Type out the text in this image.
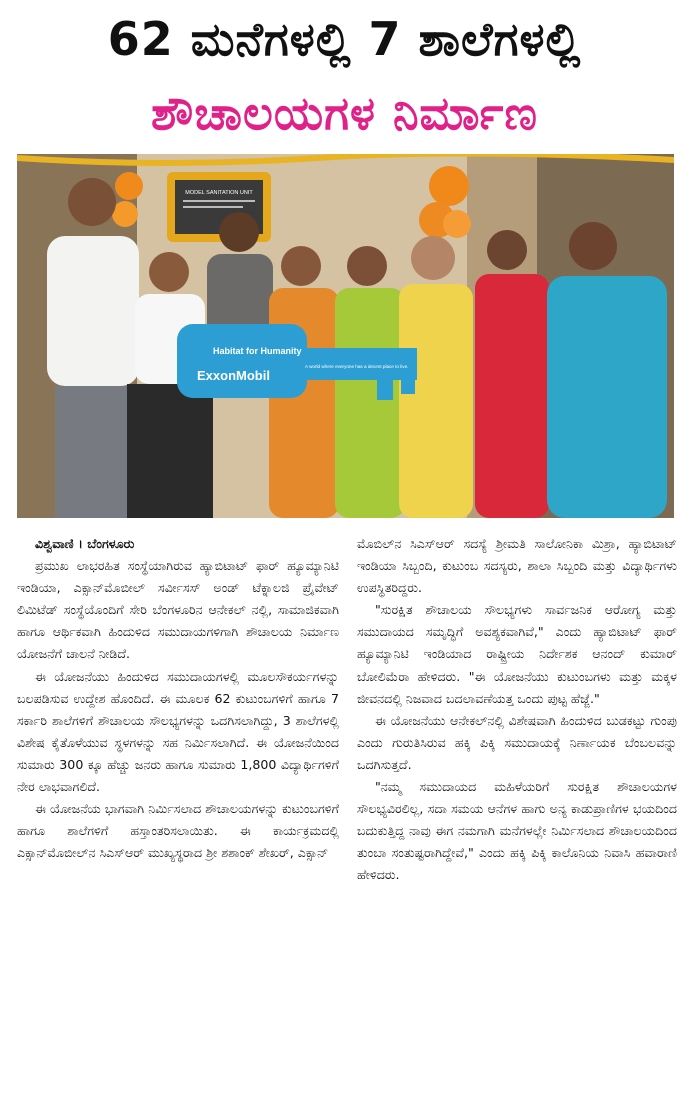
62 ಮನೆಗಳಲ್ಲಿ 7 ಶಾಲೆಗಳಲ್ಲಿ
ಶೌಚಾಲಯಗಳ ನಿರ್ಮಾಣ
MODEL SANITATION UNIT
Habitat for Humanity
ExxonMobil
A world where everyone has a decent place to live.

ವಿಶ್ವವಾಣಿ । ಬೆಂಗಳೂರು

ಪ್ರಮುಖ ಲಾಭರಹಿತ ಸಂಸ್ಥೆಯಾಗಿರುವ ಹ್ಯಾಬಿಟಾಟ್ ಫಾರ್ ಹ್ಯೂಮ್ಯಾನಿಟಿ ಇಂಡಿಯಾ, ಎಕ್ಸಾನ್‌ಮೊಬೀಲ್ ಸರ್ವೀಸಸ್ ಅಂಡ್ ಟೆಕ್ನಾಲಜಿ ಪ್ರೈವೇಟ್ ಲಿಮಿಟೆಡ್ ಸಂಸ್ಥೆಯೊಂದಿಗೆ ಸೇರಿ ಬೆಂಗಳೂರಿನ ಆನೇಕಲ್ ನಲ್ಲಿ, ಸಾಮಾಜಿಕವಾಗಿ ಹಾಗೂ ಆರ್ಥಿಕವಾಗಿ ಹಿಂದುಳಿದ ಸಮುದಾಯಗಳಿಗಾಗಿ ಶೌಚಾಲಯ ನಿರ್ಮಾಣ ಯೋಜನೆಗೆ ಚಾಲನೆ ನೀಡಿದೆ.

ಈ ಯೋಜನೆಯು ಹಿಂದುಳಿದ ಸಮುದಾಯಗಳಲ್ಲಿ ಮೂಲಸೌಕರ್ಯಗಳನ್ನು ಬಲಪಡಿಸುವ ಉದ್ದೇಶ ಹೊಂದಿದೆ. ಈ ಮೂಲಕ 62 ಕುಟುಂಬಗಳಿಗೆ ಹಾಗೂ 7 ಸರ್ಕಾರಿ ಶಾಲೆಗಳಿಗೆ ಶೌಚಾಲಯ ಸೌಲಭ್ಯಗಳನ್ನು ಒದಗಿಸಲಾಗಿದ್ದು, 3 ಶಾಲೆಗಳಲ್ಲಿ ವಿಶೇಷ ಕೈತೊಳೆಯುವ ಸ್ಥಳಗಳನ್ನು ಸಹ ನಿರ್ಮಿಸಲಾಗಿದೆ. ಈ ಯೋಜನೆಯಿಂದ ಸುಮಾರು 300 ಕ್ಕೂ ಹೆಚ್ಚು ಜನರು ಹಾಗೂ ಸುಮಾರು 1,800 ವಿದ್ಯಾರ್ಥಿಗಳಿಗೆ ನೇರ ಲಾಭವಾಗಲಿದೆ.

ಈ ಯೋಜನೆಯ ಭಾಗವಾಗಿ ನಿರ್ಮಿಸಲಾದ ಶೌಚಾಲಯಗಳನ್ನು ಕುಟುಂಬಗಳಿಗೆ ಹಾಗೂ ಶಾಲೆಗಳಿಗೆ ಹಸ್ತಾಂತರಿಸಲಾಯಿತು. ಈ ಕಾರ್ಯಕ್ರಮದಲ್ಲಿ ಎಕ್ಸಾನ್‌ಮೊಬೀಲ್‌ನ ಸಿಎಸ್‌ಆರ್ ಮುಖ್ಯಸ್ಥರಾದ ಶ್ರೀ ಶಶಾಂಕ್ ಶೇಖರ್, ಎಕ್ಸಾನ್

ಮೊಬಿಲ್‌ನ ಸಿಎಸ್‌ಆರ್ ಸದಸ್ಯೆ ಶ್ರೀಮತಿ ಸಾಲೋನಿಕಾ ಮಿಶ್ರಾ, ಹ್ಯಾಬಿಟಾಟ್ ಇಂಡಿಯಾ ಸಿಬ್ಬಂದಿ, ಕುಟುಂಬ ಸದಸ್ಯರು, ಶಾಲಾ ಸಿಬ್ಬಂದಿ ಮತ್ತು ವಿದ್ಯಾರ್ಥಿಗಳು ಉಪಸ್ಥಿತರಿದ್ದರು.

"ಸುರಕ್ಷಿತ ಶೌಚಾಲಯ ಸೌಲಭ್ಯಗಳು ಸಾರ್ವಜನಿಕ ಆರೋಗ್ಯ ಮತ್ತು ಸಮುದಾಯದ ಸಮೃದ್ಧಿಗೆ ಅವಶ್ಯಕವಾಗಿವೆ," ಎಂದು ಹ್ಯಾಬಿಟಾಟ್ ಫಾರ್ ಹ್ಯೂಮ್ಯಾನಿಟಿ ಇಂಡಿಯಾದ ರಾಷ್ಟ್ರೀಯ ನಿರ್ದೇಶಕ ಆನಂದ್ ಕುಮಾರ್ ಬೋಲಿಮೆರಾ ಹೇಳಿದರು. "ಈ ಯೋಜನೆಯು ಕುಟುಂಬಗಳು ಮತ್ತು ಮಕ್ಕಳ ಜೀವನದಲ್ಲಿ ನಿಜವಾದ ಬದಲಾವಣೆಯತ್ತ ಒಂದು ಪುಟ್ಟ ಹೆಜ್ಜೆ."

ಈ ಯೋಜನೆಯು ಆನೇಕಲ್‌ನಲ್ಲಿ ವಿಶೇಷವಾಗಿ ಹಿಂದುಳಿದ ಬುಡಕಟ್ಟು ಗುಂಪು ಎಂದು ಗುರುತಿಸಿರುವ ಹಕ್ಕಿ ಪಿಕ್ಕಿ ಸಮುದಾಯಕ್ಕೆ ನಿರ್ಣಾಯಕ ಬೆಂಬಲವನ್ನು ಒದಗಿಸುತ್ತದೆ.

"ನಮ್ಮ ಸಮುದಾಯದ ಮಹಿಳೆಯರಿಗೆ ಸುರಕ್ಷಿತ ಶೌಚಾಲಯಗಳ ಸೌಲಭ್ಯವಿರಲಿಲ್ಲ, ಸದಾ ಸಮಯ ಆನೆಗಳ ಹಾಗು ಅನ್ಯ ಕಾಡುಪ್ರಾಣಿಗಳ ಭಯದಿಂದ ಬದುಕುತ್ತಿದ್ದ ನಾವು ಈಗ ನಮಗಾಗಿ ಮನೆಗಳಲ್ಲೇ ನಿರ್ಮಿಸಲಾದ ಶೌಚಾಲಯದಿಂದ ತುಂಬಾ ಸಂತುಷ್ಟರಾಗಿದ್ದೇವೆ," ಎಂದು ಹಕ್ಕಿ ಪಿಕ್ಕಿ ಕಾಲೊನಿಯ ನಿವಾಸಿ ಹವಾರಾಣಿ ಹೇಳಿದರು.
